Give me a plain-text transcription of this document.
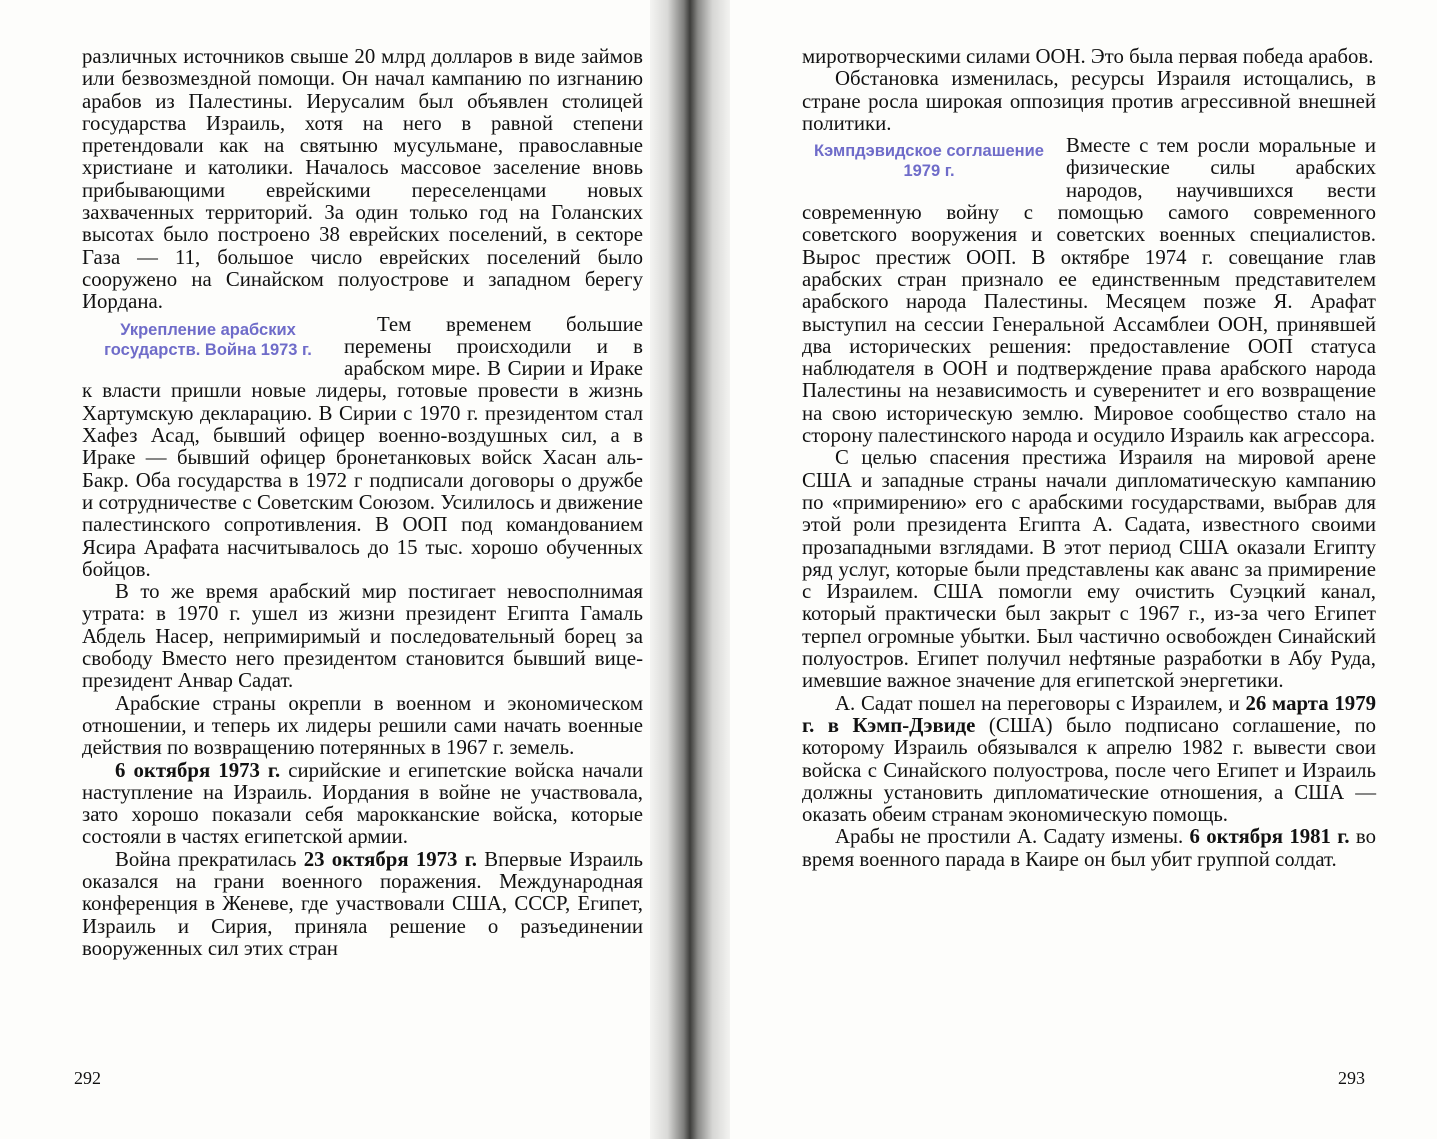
различных источников свыше 20 млрд долларов в виде займов или безвозмездной помощи. Он начал кампанию по изгнанию арабов из Палестины. Иерусалим был объявлен столицей государства Израиль, хотя на него в равной степени претендовали как на святыню мусульмане, православные христиане и католики. Началось массовое заселение вновь прибывающими еврейскими переселенцами новых захваченных территорий. За один только год на Голанских высотах было построено 38 еврейских поселений, в секторе Газа — 11, большое число еврейских поселений было сооружено на Синайском полуострове и западном берегу Иордана.

Укрепление арабских государств. Война 1973 г.

Тем временем большие перемены происходили и в арабском мире. В Сирии и Ираке к власти пришли новые лидеры, готовые провести в жизнь Хартумскую декларацию. В Сирии с 1970 г. президентом стал Хафез Асад, бывший офицер военно-воздушных сил, а в Ираке — бывший офицер бронетанковых войск Хасан аль-Бакр. Оба государства в 1972 г подписали договоры о дружбе и сотрудничестве с Советским Союзом. Усилилось и движение палестинского сопротивления. В ООП под командованием Ясира Арафата насчитывалось до 15 тыс. хорошо обученных бойцов.

В то же время арабский мир постигает невосполнимая утрата: в 1970 г. ушел из жизни президент Египта Гамаль Абдель Насер, непримиримый и последовательный борец за свободу Вместо него президентом становится бывший вице-президент Анвар Садат.

Арабские страны окрепли в военном и экономическом отношении, и теперь их лидеры решили сами начать военные действия по возвращению потерянных в 1967 г. земель.

6 октября 1973 г. сирийские и египетские войска начали наступление на Израиль. Иордания в войне не участвовала, зато хорошо показали себя марокканские войска, которые состояли в частях египетской армии.

Война прекратилась 23 октября 1973 г. Впервые Израиль оказался на грани военного поражения. Международная конференция в Женеве, где участвовали США, СССР, Египет, Израиль и Сирия, приняла решение о разъединении вооруженных сил этих стран

292

миротворческими силами ООН. Это была первая победа арабов.

Обстановка изменилась, ресурсы Израиля истощались, в стране росла широкая оппозиция против агрессивной внешней политики.

Кэмпдэвидское соглашение 1979 г.

Вместе с тем росли моральные и физические силы арабских народов, научившихся вести современную войну с помощью самого современного советского вооружения и советских военных специалистов. Вырос престиж ООП. В октябре 1974 г. совещание глав арабских стран признало ее единственным представителем арабского народа Палестины. Месяцем позже Я. Арафат выступил на сессии Генеральной Ассамблеи ООН, принявшей два исторических решения: предоставление ООП статуса наблюдателя в ООН и подтверждение права арабского народа Палестины на независимость и суверенитет и его возвращение на свою историческую землю. Мировое сообщество стало на сторону палестинского народа и осудило Израиль как агрессора.

С целью спасения престижа Израиля на мировой арене США и западные страны начали дипломатическую кампанию по «примирению» его с арабскими государствами, выбрав для этой роли президента Египта А. Садата, известного своими прозападными взглядами. В этот период США оказали Египту ряд услуг, которые были представлены как аванс за примирение с Израилем. США помогли ему очистить Суэцкий канал, который практически был закрыт с 1967 г., из-за чего Египет терпел огромные убытки. Был частично освобожден Синайский полуостров. Египет получил нефтяные разработки в Абу Руда, имевшие важное значение для египетской энергетики.

А. Садат пошел на переговоры с Израилем, и 26 марта 1979 г. в Кэмп-Дэвиде (США) было подписано соглашение, по которому Израиль обязывался к апрелю 1982 г. вывести свои войска с Синайского полуострова, после чего Египет и Израиль должны установить дипломатические отношения, а США — оказать обеим странам экономическую помощь.

Арабы не простили А. Садату измены. 6 октября 1981 г. во время военного парада в Каире он был убит группой солдат.

293
